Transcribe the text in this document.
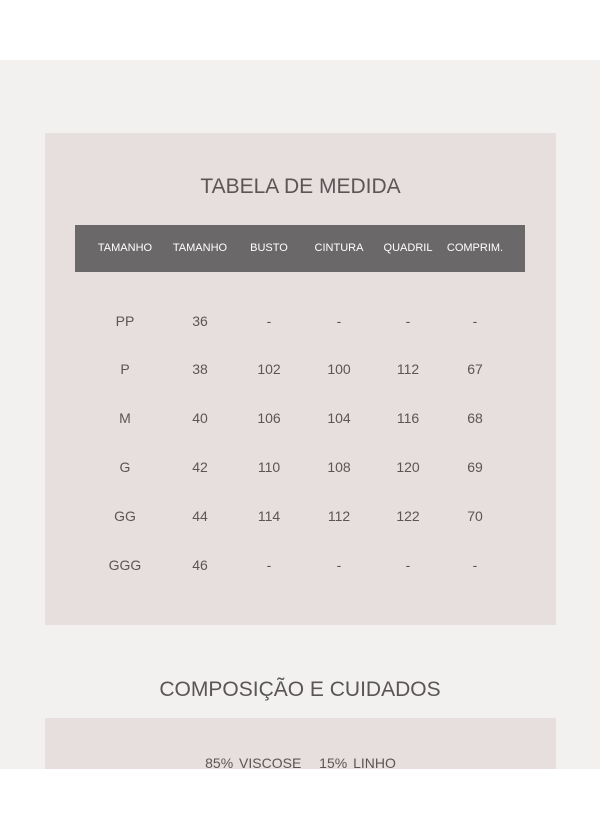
TABELA DE MEDIDA
TAMANHO	TAMANHO	BUSTO	CINTURA	QUADRIL	COMPRIM.
PP	36	-	-	-	-
P	38	102	100	112	67
M	40	106	104	116	68
G	42	110	108	120	69
GG	44	114	112	122	70
GGG	46	-	-	-	-
COMPOSIÇÃO E CUIDADOS
85% VISCOSE 15% LINHO
